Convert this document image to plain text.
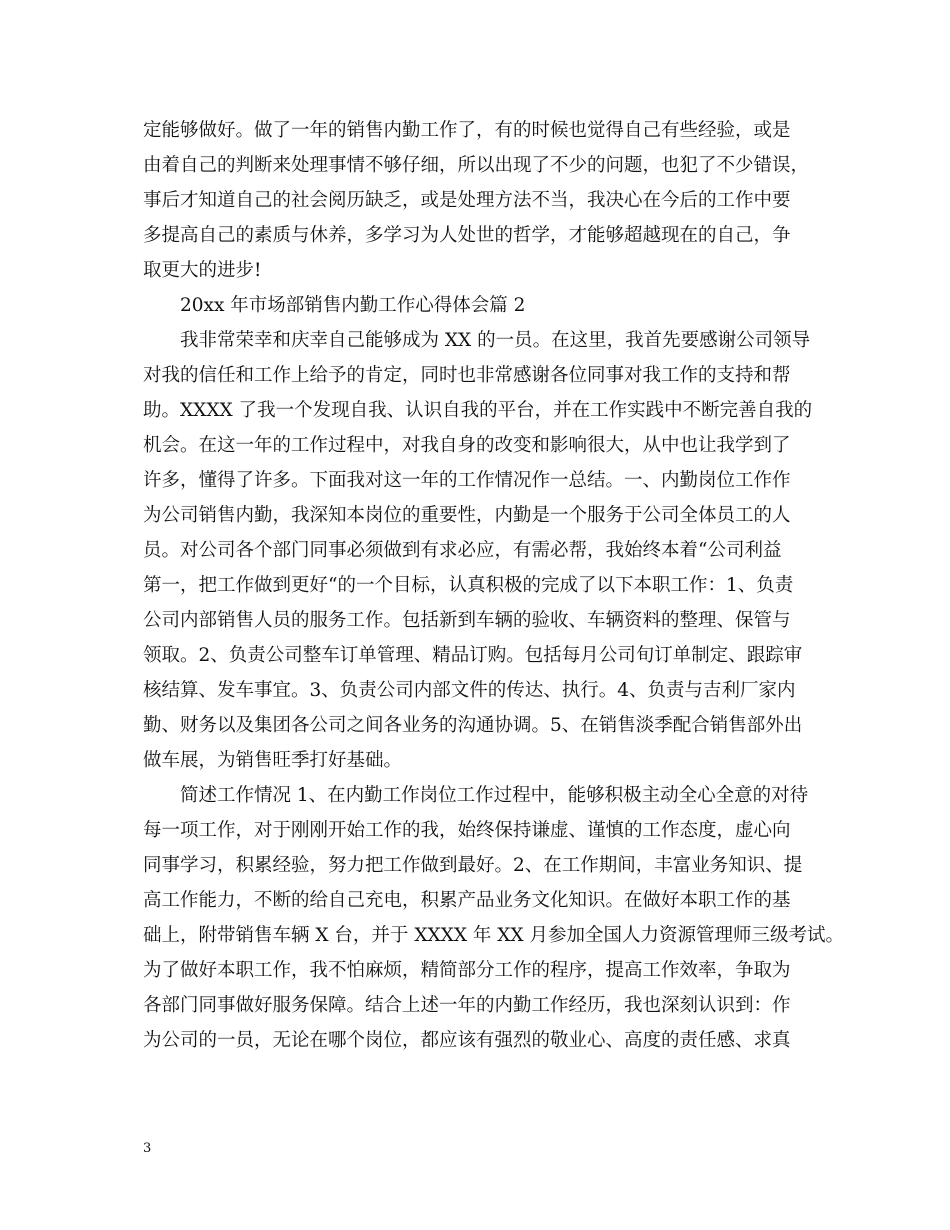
定能够做好。做了一年的销售内勤工作了，有的时候也觉得自己有些经验，或是
由着自己的判断来处理事情不够仔细，所以出现了不少的问题，也犯了不少错误，
事后才知道自己的社会阅历缺乏，或是处理方法不当，我决心在今后的工作中要
多提高自己的素质与休养，多学习为人处世的哲学，才能够超越现在的自己，争
取更大的进步!
20xx 年市场部销售内勤工作心得体会篇 2
我非常荣幸和庆幸自己能够成为 XX 的一员。在这里，我首先要感谢公司领导
对我的信任和工作上给予的肯定，同时也非常感谢各位同事对我工作的支持和帮
助。XXXX 了我一个发现自我、认识自我的平台，并在工作实践中不断完善自我的
机会。在这一年的工作过程中，对我自身的改变和影响很大，从中也让我学到了
许多，懂得了许多。下面我对这一年的工作情况作一总结。一、内勤岗位工作作
为公司销售内勤，我深知本岗位的重要性，内勤是一个服务于公司全体员工的人
员。对公司各个部门同事必须做到有求必应，有需必帮，我始终本着“公司利益
第一，把工作做到更好“的一个目标，认真积极的完成了以下本职工作：1、负责
公司内部销售人员的服务工作。包括新到车辆的验收、车辆资料的整理、保管与
领取。2、负责公司整车订单管理、精品订购。包括每月公司旬订单制定、跟踪审
核结算、发车事宜。3、负责公司内部文件的传达、执行。4、负责与吉利厂家内
勤、财务以及集团各公司之间各业务的沟通协调。5、在销售淡季配合销售部外出
做车展，为销售旺季打好基础。
简述工作情况 1、在内勤工作岗位工作过程中，能够积极主动全心全意的对待
每一项工作，对于刚刚开始工作的我，始终保持谦虚、谨慎的工作态度，虚心向
同事学习，积累经验，努力把工作做到最好。2、在工作期间，丰富业务知识、提
高工作能力，不断的给自己充电，积累产品业务文化知识。在做好本职工作的基
础上，附带销售车辆 X 台，并于 XXXX 年 XX 月参加全国人力资源管理师三级考试。
为了做好本职工作，我不怕麻烦，精简部分工作的程序，提高工作效率，争取为
各部门同事做好服务保障。结合上述一年的内勤工作经历，我也深刻认识到：作
为公司的一员，无论在哪个岗位，都应该有强烈的敬业心、高度的责任感、求真
3
